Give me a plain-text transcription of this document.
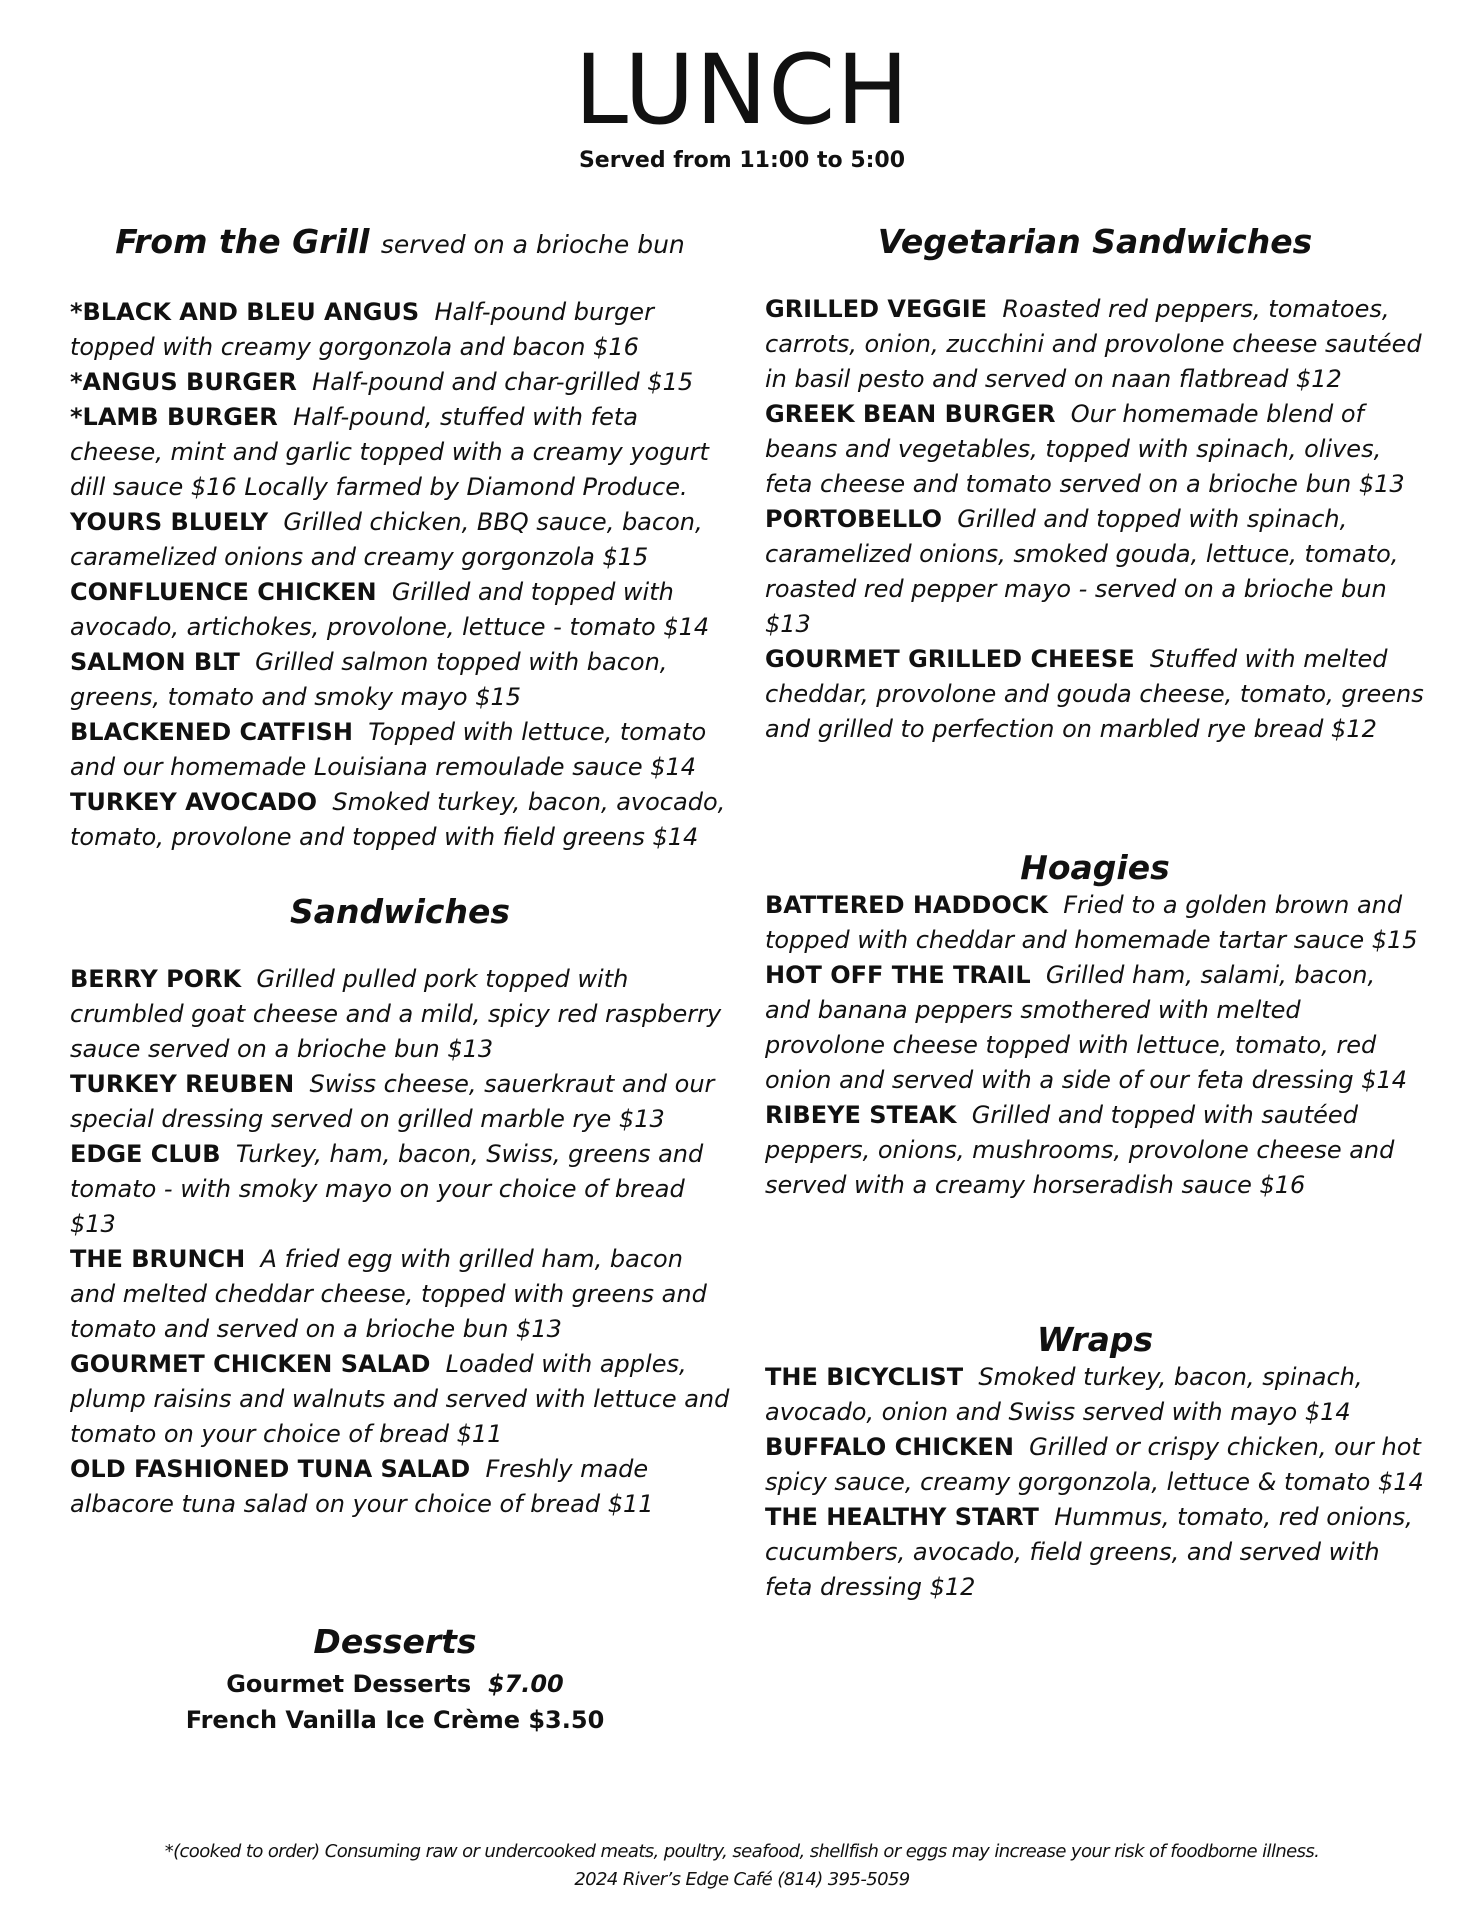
LUNCH
Served from 11:00 to 5:00
From the Grill served on a brioche bun
*BLACK AND BLEU ANGUS Half-pound burger topped with creamy gorgonzola and bacon $16
*ANGUS BURGER Half-pound and char-grilled $15
*LAMB BURGER Half-pound, stuffed with feta cheese, mint and garlic topped with a creamy yogurt dill sauce $16 Locally farmed by Diamond Produce.
YOURS BLUELY Grilled chicken, BBQ sauce, bacon, caramelized onions and creamy gorgonzola $15
CONFLUENCE CHICKEN Grilled and topped with avocado, artichokes, provolone, lettuce - tomato $14
SALMON BLT Grilled salmon topped with bacon, greens, tomato and smoky mayo $15
BLACKENED CATFISH Topped with lettuce, tomato and our homemade Louisiana remoulade sauce $14
TURKEY AVOCADO Smoked turkey, bacon, avocado, tomato, provolone and topped with field greens $14
Sandwiches
BERRY PORK Grilled pulled pork topped with crumbled goat cheese and a mild, spicy red raspberry sauce served on a brioche bun $13
TURKEY REUBEN Swiss cheese, sauerkraut and our special dressing served on grilled marble rye $13
EDGE CLUB Turkey, ham, bacon, Swiss, greens and tomato - with smoky mayo on your choice of bread $13
THE BRUNCH A fried egg with grilled ham, bacon and melted cheddar cheese, topped with greens and tomato and served on a brioche bun $13
GOURMET CHICKEN SALAD Loaded with apples, plump raisins and walnuts and served with lettuce and tomato on your choice of bread $11
OLD FASHIONED TUNA SALAD Freshly made albacore tuna salad on your choice of bread $11
Vegetarian Sandwiches
GRILLED VEGGIE Roasted red peppers, tomatoes, carrots, onion, zucchini and provolone cheese sautéed in basil pesto and served on naan flatbread $12
GREEK BEAN BURGER Our homemade blend of beans and vegetables, topped with spinach, olives, feta cheese and tomato served on a brioche bun $13
PORTOBELLO Grilled and topped with spinach, caramelized onions, smoked gouda, lettuce, tomato, roasted red pepper mayo - served on a brioche bun $13
GOURMET GRILLED CHEESE Stuffed with melted cheddar, provolone and gouda cheese, tomato, greens and grilled to perfection on marbled rye bread $12
Hoagies
BATTERED HADDOCK Fried to a golden brown and topped with cheddar and homemade tartar sauce $15
HOT OFF THE TRAIL Grilled ham, salami, bacon, and banana peppers smothered with melted provolone cheese topped with lettuce, tomato, red onion and served with a side of our feta dressing $14
RIBEYE STEAK Grilled and topped with sautéed peppers, onions, mushrooms, provolone cheese and served with a creamy horseradish sauce $16
Wraps
THE BICYCLIST Smoked turkey, bacon, spinach, avocado, onion and Swiss served with mayo $14
BUFFALO CHICKEN Grilled or crispy chicken, our hot spicy sauce, creamy gorgonzola, lettuce & tomato $14
THE HEALTHY START Hummus, tomato, red onions, cucumbers, avocado, field greens, and served with feta dressing $12
Desserts
Gourmet Desserts $7.00
French Vanilla Ice Crème $3.50
*(cooked to order) Consuming raw or undercooked meats, poultry, seafood, shellfish or eggs may increase your risk of foodborne illness.
2024 River’s Edge Café (814) 395-5059
